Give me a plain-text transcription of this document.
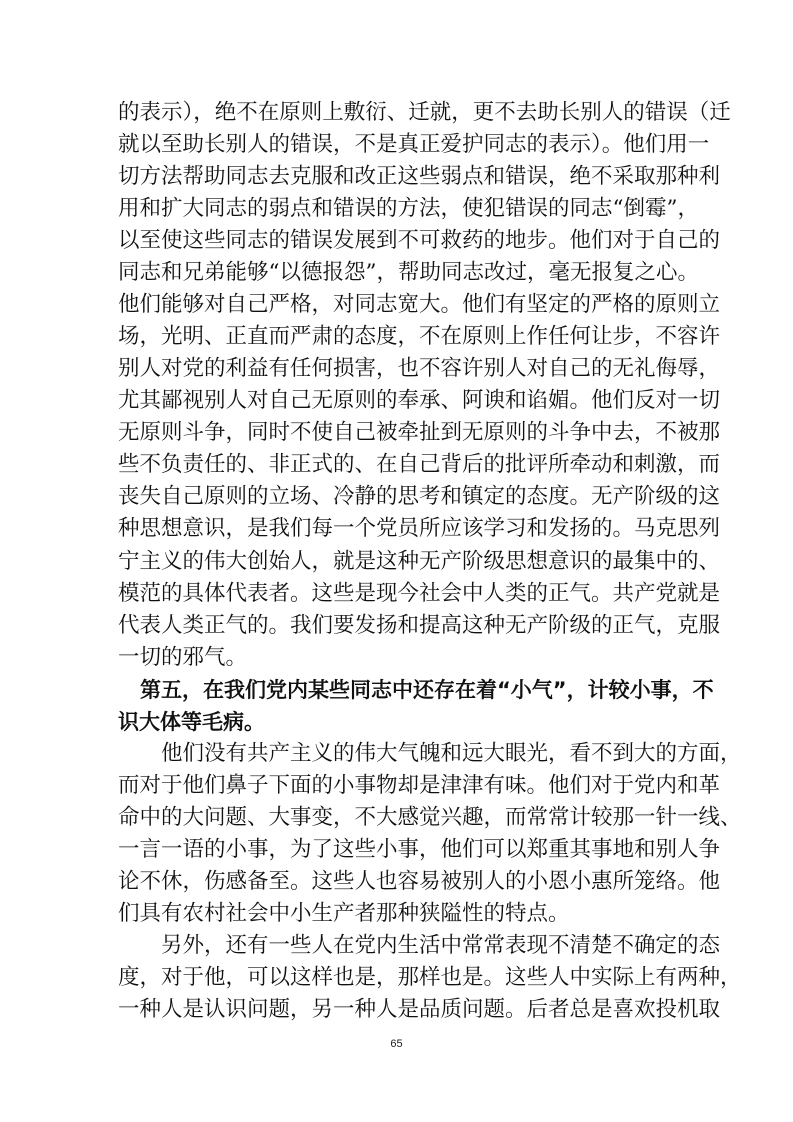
的表示），绝不在原则上敷衍、迁就，更不去助长别人的错误（迁
就以至助长别人的错误，不是真正爱护同志的表示）。他们用一
切方法帮助同志去克服和改正这些弱点和错误，绝不采取那种利
用和扩大同志的弱点和错误的方法，使犯错误的同志“倒霉”，
以至使这些同志的错误发展到不可救药的地步。他们对于自己的
同志和兄弟能够“以德报怨”，帮助同志改过，毫无报复之心。
他们能够对自己严格，对同志宽大。他们有坚定的严格的原则立
场，光明、正直而严肃的态度，不在原则上作任何让步，不容许
别人对党的利益有任何损害，也不容许别人对自己的无礼侮辱，
尤其鄙视别人对自己无原则的奉承、阿谀和谄媚。他们反对一切
无原则斗争，同时不使自己被牵扯到无原则的斗争中去，不被那
些不负责任的、非正式的、在自己背后的批评所牵动和刺激，而
丧失自己原则的立场、冷静的思考和镇定的态度。无产阶级的这
种思想意识，是我们每一个党员所应该学习和发扬的。马克思列
宁主义的伟大创始人，就是这种无产阶级思想意识的最集中的、
模范的具体代表者。这些是现今社会中人类的正气。共产党就是
代表人类正气的。我们要发扬和提高这种无产阶级的正气，克服
一切的邪气。
第五，在我们党内某些同志中还存在着“小气”，计较小事，不
识大体等毛病。
他们没有共产主义的伟大气魄和远大眼光，看不到大的方面，
而对于他们鼻子下面的小事物却是津津有味。他们对于党内和革
命中的大问题、大事变，不大感觉兴趣，而常常计较那一针一线、
一言一语的小事，为了这些小事，他们可以郑重其事地和别人争
论不休，伤感备至。这些人也容易被别人的小恩小惠所笼络。他
们具有农村社会中小生产者那种狭隘性的特点。
另外，还有一些人在党内生活中常常表现不清楚不确定的态
度，对于他，可以这样也是，那样也是。这些人中实际上有两种，
一种人是认识问题，另一种人是品质问题。后者总是喜欢投机取
65
